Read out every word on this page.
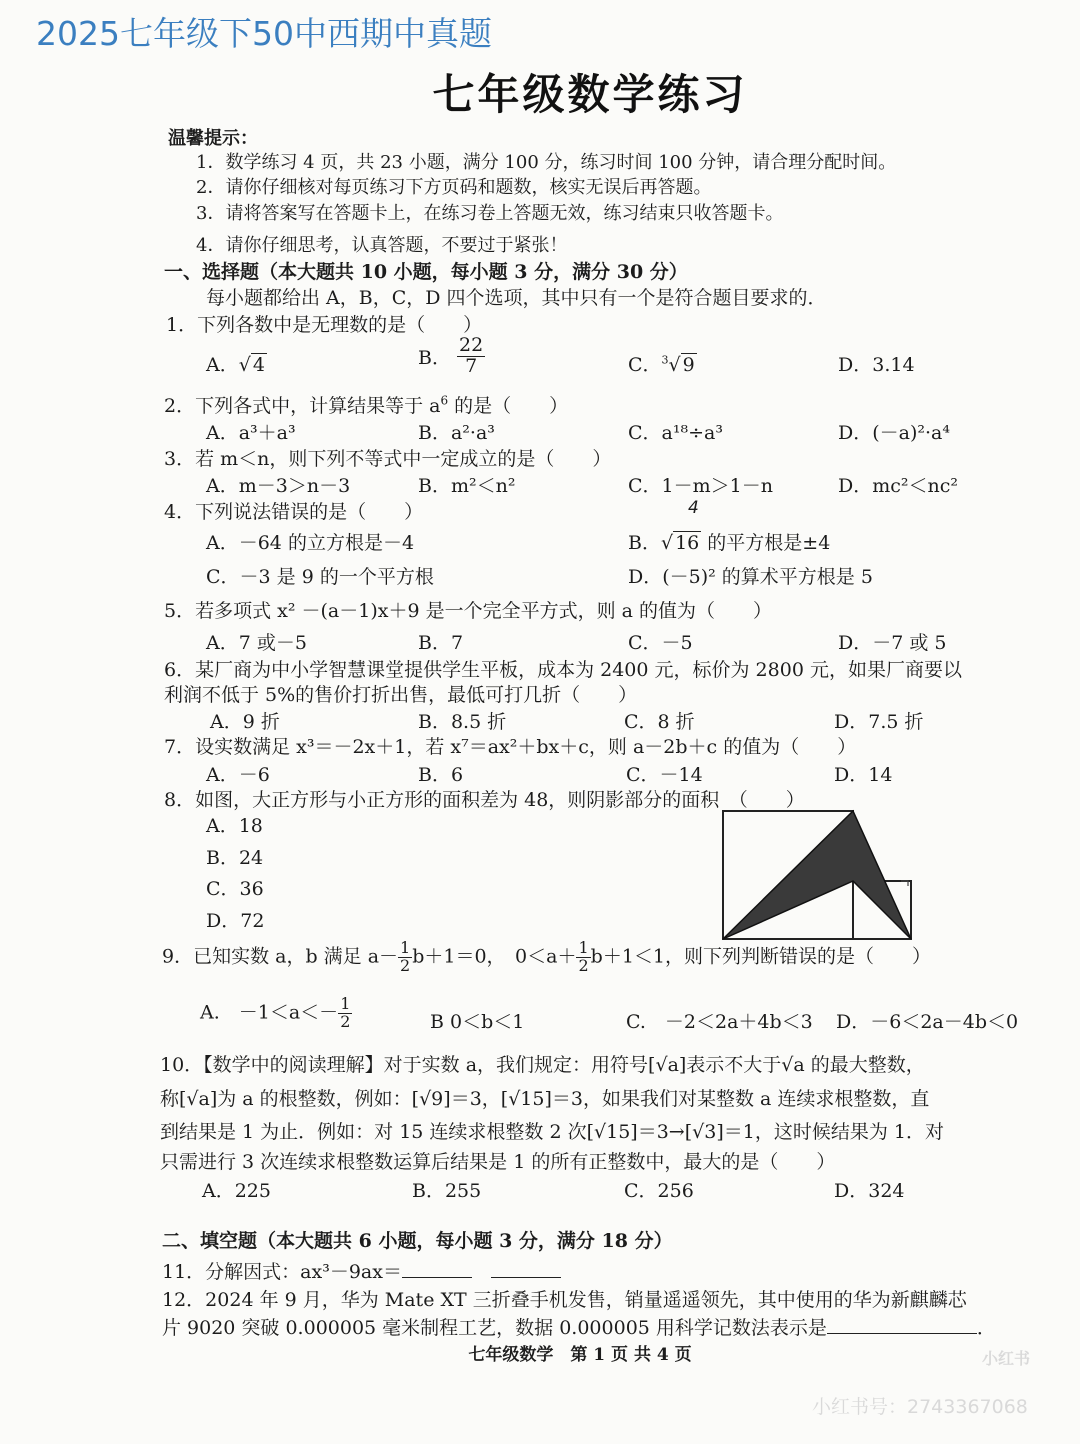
2025七年级下50中西期中真题
七年级数学练习
温馨提示：
1．数学练习 4 页，共 23 小题，满分 100 分，练习时间 100 分钟，请合理分配时间。
2．请你仔细核对每页练习下方页码和题数，核实无误后再答题。
3．请将答案写在答题卡上，在练习卷上答题无效，练习结束只收答题卡。
4．请你仔细思考，认真答题，不要过于紧张！
一、选择题（本大题共 10 小题，每小题 3 分，满分 30 分）
每小题都给出 A，B，C，D 四个选项，其中只有一个是符合题目要求的．
1．下列各数中是无理数的是（　　）
A．√ 4	B． $\frac{22}{7}$	C．$^3$√ 9	D．3.14
2．下列各式中，计算结果等于 $a^6$ 的是（　　）
A．a³＋a³	B．a²·a³	C．a¹⁸÷a³	D．(－a)²·a⁴
3．若 m＜n，则下列不等式中一定成立的是（　　）
A．m－3＞n－3	B．m²＜n²	C．1－m＞1－n	D．mc²＜nc²
4．下列说法错误的是（　　）	4
A．－64 的立方根是－4	B．√ 16 的平方根是±4
C．－3 是 9 的一个平方根	D．(－5)² 的算术平方根是 5
5．若多项式 x² －(a－1)x＋9 是一个完全平方式，则 a 的值为（　　）
A．7 或－5	B．7	C．－5	D．－7 或 5
6．某厂商为中小学智慧课堂提供学生平板，成本为 2400 元，标价为 2800 元，如果厂商要以
利润不低于 5%的售价打折出售，最低可打几折（　　）
A．9 折	B．8.5 折	C．8 折	D．7.5 折
7．设实数满足 x³＝－2x＋1，若 x⁷＝ax²＋bx＋c，则 a－2b＋c 的值为（　　）
A．－6	B．6	C．－14	D．14
8．如图，大正方形与小正方形的面积差为 48，则阴影部分的面积　（　　）
A．18
B．24
C．36
D．72
9．已知实数 a，b 满足 $a- \frac{1}{2} b+1=0$，　$0<a+ \frac{1}{2} b+1<1$，则下列判断错误的是（　　）
A.　$-1<a<- \frac{1}{2}$	B 0＜b＜1	C.　－2＜2a＋4b＜3 D．－6＜2a－4b＜0
10．【数学中的阅读理解】对于实数 a，我们规定：用符号[√a]表示不大于√a 的最大整数，
称[√a]为 a 的根整数，例如：[√9]＝3，[√15]＝3，如果我们对某整数 a 连续求根整数，直
到结果是 1 为止．例如：对 15 连续求根整数 2 次[√15]＝3→[√3]＝1，这时候结果为 1．对
只需进行 3 次连续求根整数运算后结果是 1 的所有正整数中，最大的是（　　）
A．225	B．255	C．256	D．324
二、填空题（本大题共 6 小题，每小题 3 分，满分 18 分）
11．分解因式：ax³－9ax＝　
12．2024 年 9 月，华为 Mate XT 三折叠手机发售，销量遥遥领先，其中使用的华为新麒麟芯
片 9020 突破 0.000005 毫米制程工艺，数据 0.000005 用科学记数法表示是	．
七年级数学　第 1 页 共 4 页	小红书
小红书号：2743367068
